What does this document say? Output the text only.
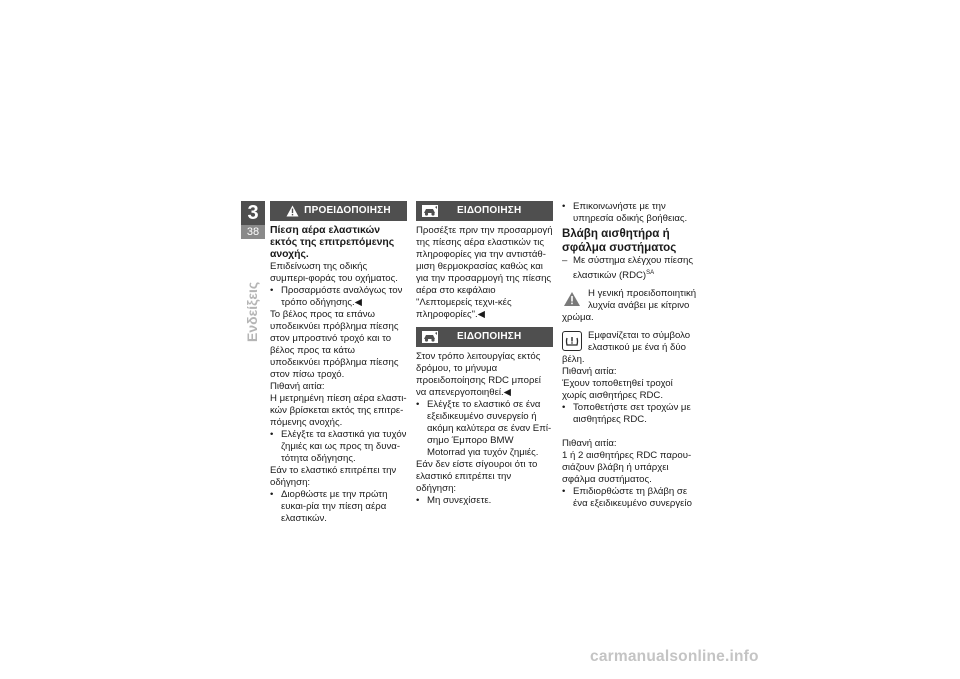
3
38
Ενδείξεις
ΠΡΟΕΙΔΟΠΟΙΗΣΗ
Πίεση αέρα ελαστικών εκτός της επιτρεπόμενης ανοχής.

Επιδείνωση της οδικής συμπερι-φοράς του οχήματος.

• Προσαρμόστε αναλόγως τον τρόπο οδήγησης.◀

Το βέλος προς τα επάνω υποδεικνύει πρόβλημα πίεσης στον μπροστινό τροχό και το βέλος προς τα κάτω υποδεικνύει πρόβλημα πίεσης στον πίσω τροχό.

Πιθανή αιτία:

Η μετρημένη πίεση αέρα ελαστι-κών βρίσκεται εκτός της επιτρε-πόμενης ανοχής.

• Ελέγξτε τα ελαστικά για τυχόν ζημιές και ως προς τη δυνα-τότητα οδήγησης.

Εάν το ελαστικό επιτρέπει την οδήγηση:

• Διορθώστε με την πρώτη ευκαι-ρία την πίεση αέρα ελαστικών.

ΕΙΔΟΠΟΙΗΣΗ

Προσέξτε πριν την προσαρμογή της πίεσης αέρα ελαστικών τις πληροφορίες για την αντιστάθ-μιση θερμοκρασίας καθώς και για την προσαρμογή της πίεσης αέρα στο κεφάλαιο "Λεπτομερείς τεχνι-κές πληροφορίες".◀

ΕΙΔΟΠΟΙΗΣΗ

Στον τρόπο λειτουργίας εκτός δρόμου, το μήνυμα προειδοποίησης RDC μπορεί να απενεργοποιηθεί.◀

• Ελέγξτε το ελαστικό σε ένα εξειδικευμένο συνεργείο ή ακόμη καλύτερα σε έναν Επί-σημο Έμπορο BMW Motorrad για τυχόν ζημιές.

Εάν δεν είστε σίγουροι ότι το ελαστικό επιτρέπει την οδήγηση:

• Μη συνεχίσετε.

• Επικοινωνήστε με την υπηρεσία οδικής βοήθειας.

Βλάβη αισθητήρα ή σφάλμα συστήματος

– Με σύστημα ελέγχου πίεσης ελαστικών (RDC)$^{SA}$

Η γενική προειδοποιητική λυχνία ανάβει με κίτρινο χρώμα.

Εμφανίζεται το σύμβολο ελαστικού με ένα ή δύο βέλη.

Πιθανή αιτία:

Έχουν τοποθετηθεί τροχοί χωρίς αισθητήρες RDC.

• Τοποθετήστε σετ τροχών με αισθητήρες RDC.

Πιθανή αιτία:

1 ή 2 αισθητήρες RDC παρου-σιάζουν βλάβη ή υπάρχει σφάλμα συστήματος.

• Επιδιορθώστε τη βλάβη σε ένα εξειδικευμένο συνεργείο

carmanualsonline.info
